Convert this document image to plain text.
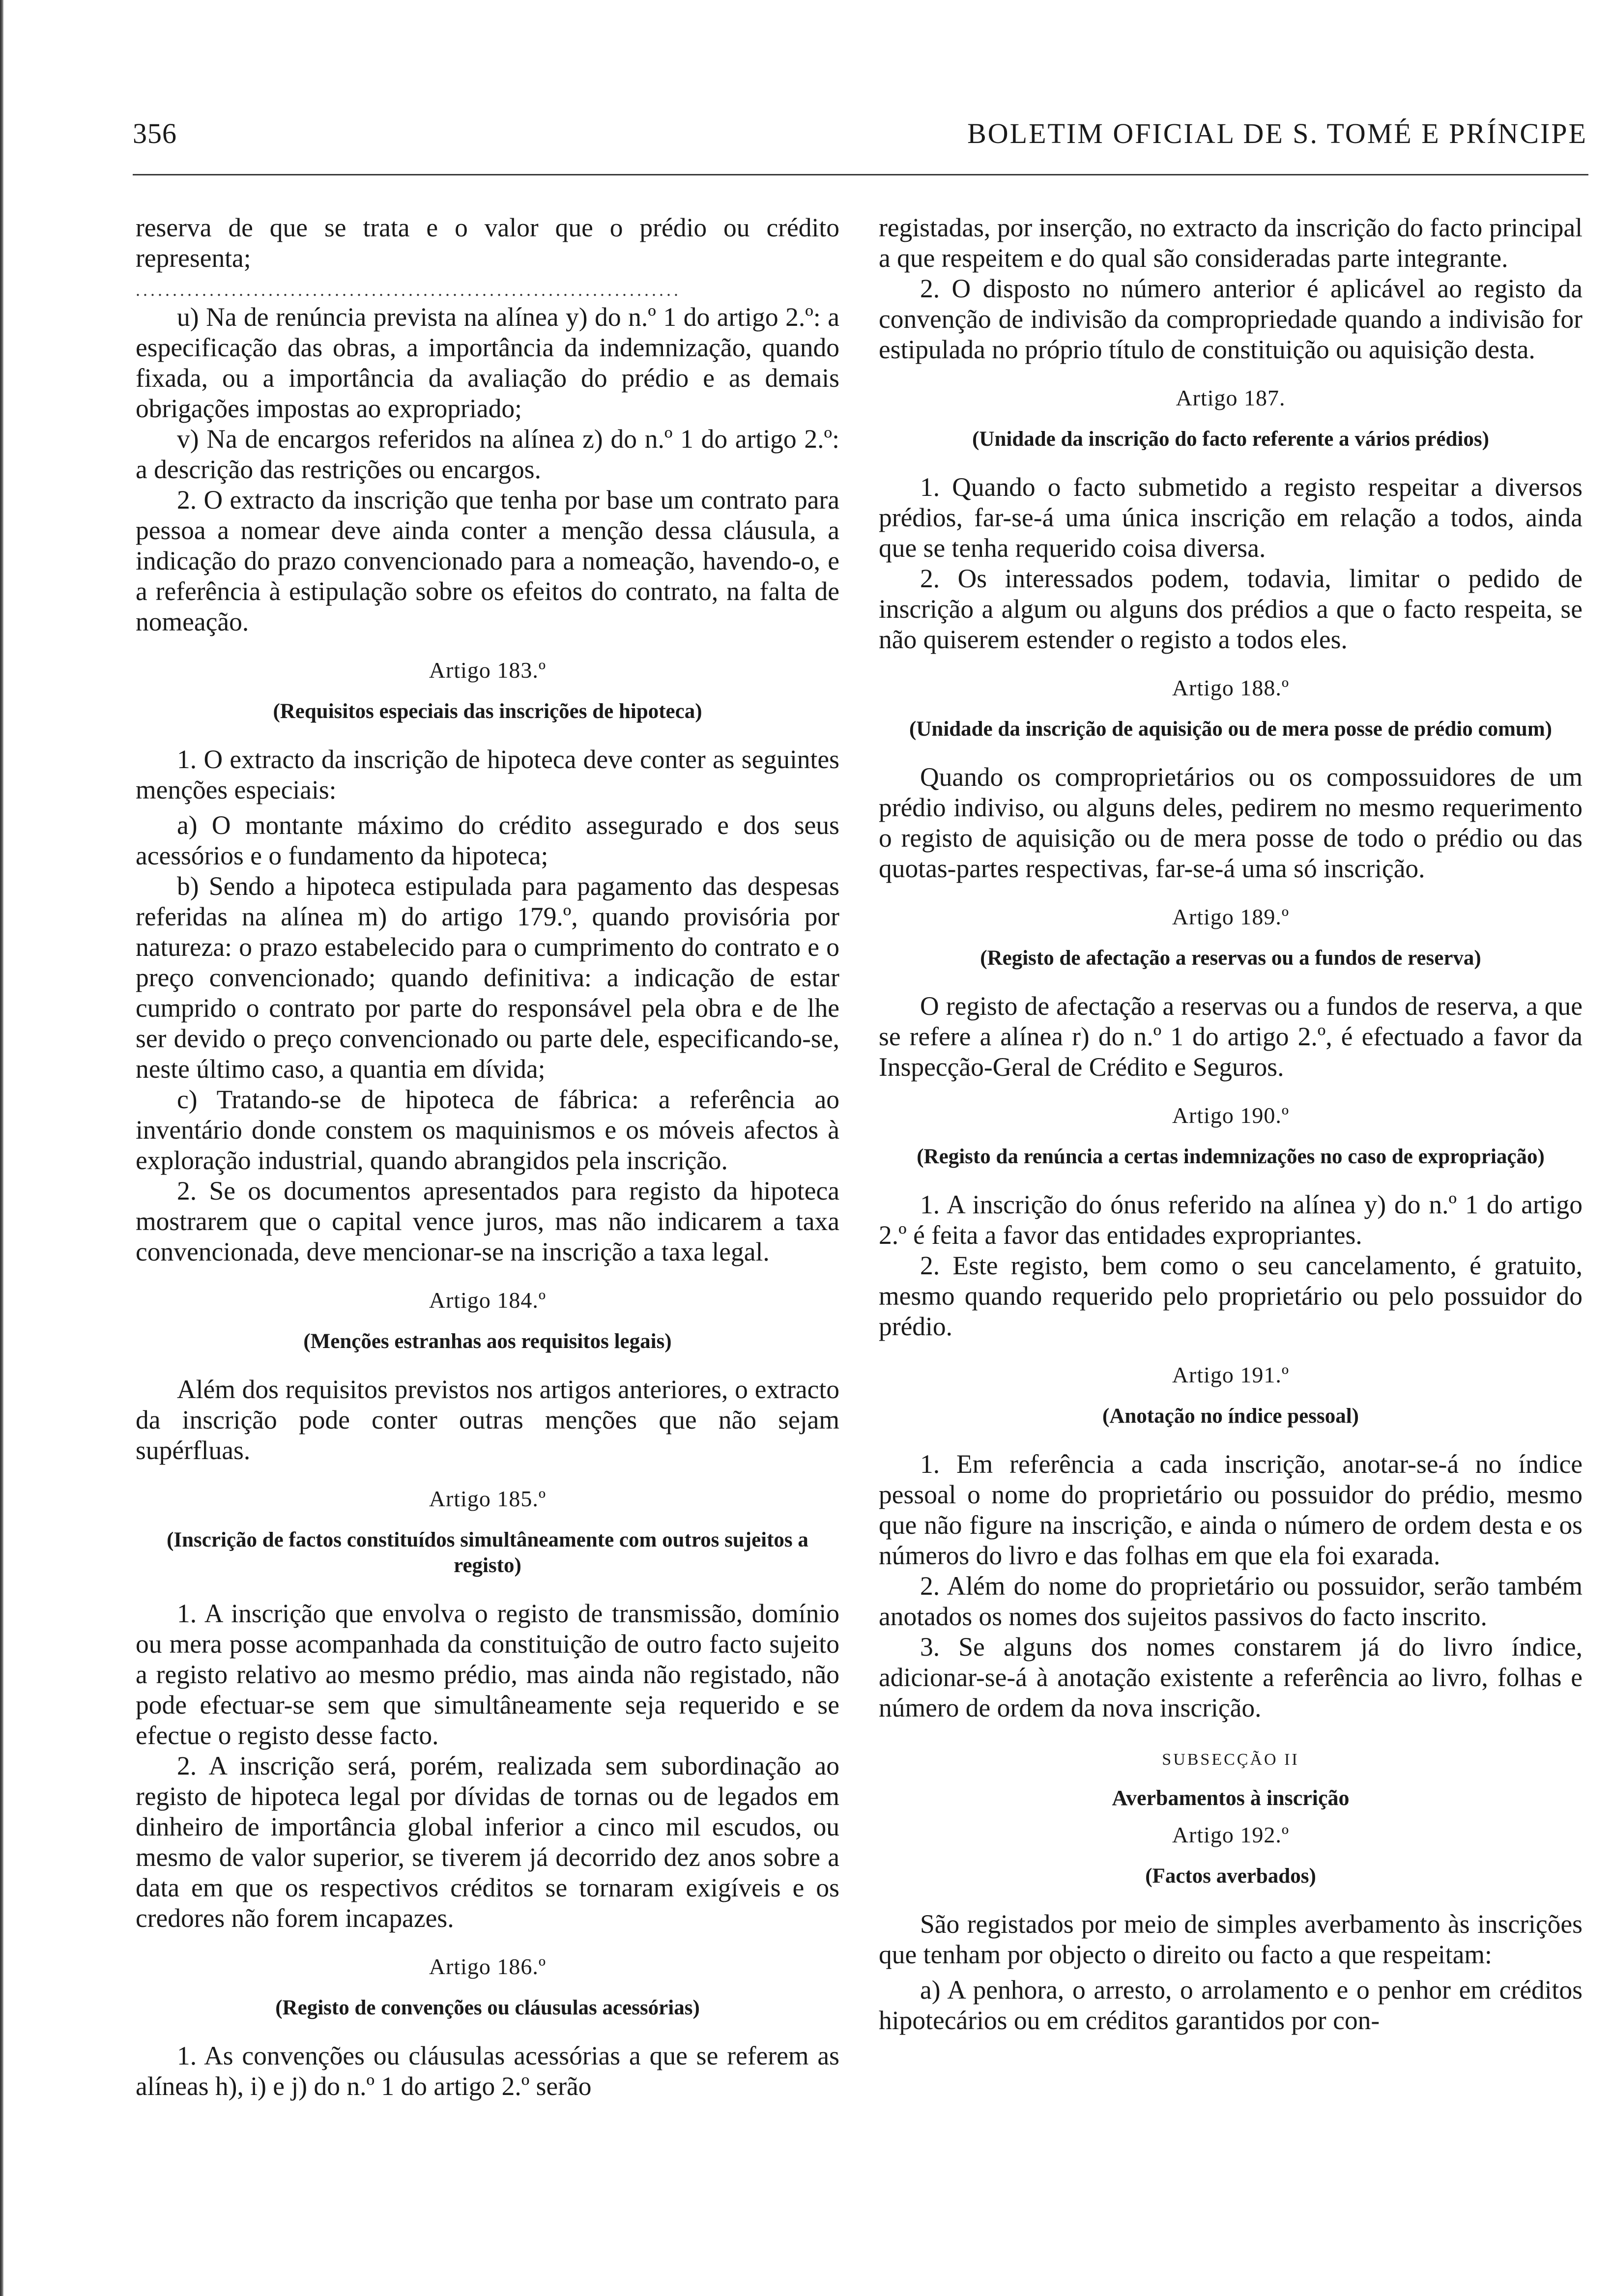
356	BOLETIM OFICIAL DE S. TOMÉ E PRÍNCIPE

reserva de que se trata e o valor que o prédio ou crédito representa;

..........................................................................

u) Na de renúncia prevista na alínea y) do n.º 1 do artigo 2.º: a especificação das obras, a importância da indemnização, quando fixada, ou a importância da avaliação do prédio e as demais obrigações impostas ao expropriado;

v) Na de encargos referidos na alínea z) do n.º 1 do artigo 2.º: a descrição das restrições ou encargos.

2. O extracto da inscrição que tenha por base um contrato para pessoa a nomear deve ainda conter a menção dessa cláusula, a indicação do prazo convencionado para a nomeação, havendo-o, e a referência à estipulação sobre os efeitos do contrato, na falta de nomeação.

Artigo 183.º
(Requisitos especiais das inscrições de hipoteca)

1. O extracto da inscrição de hipoteca deve conter as seguintes menções especiais:

a) O montante máximo do crédito assegurado e dos seus acessórios e o fundamento da hipoteca;

b) Sendo a hipoteca estipulada para pagamento das despesas referidas na alínea m) do artigo 179.º, quando provisória por natureza: o prazo estabelecido para o cumprimento do contrato e o preço convencionado; quando definitiva: a indicação de estar cumprido o contrato por parte do responsável pela obra e de lhe ser devido o preço convencionado ou parte dele, especificando-se, neste último caso, a quantia em dívida;

c) Tratando-se de hipoteca de fábrica: a referência ao inventário donde constem os maquinismos e os móveis afectos à exploração industrial, quando abrangidos pela inscrição.

2. Se os documentos apresentados para registo da hipoteca mostrarem que o capital vence juros, mas não indicarem a taxa convencionada, deve mencionar-se na inscrição a taxa legal.

Artigo 184.º
(Menções estranhas aos requisitos legais)

Além dos requisitos previstos nos artigos anteriores, o extracto da inscrição pode conter outras menções que não sejam supérfluas.

Artigo 185.º
(Inscrição de factos constituídos simultâneamente com outros sujeitos a registo)

1. A inscrição que envolva o registo de transmissão, domínio ou mera posse acompanhada da constituição de outro facto sujeito a registo relativo ao mesmo prédio, mas ainda não registado, não pode efectuar-se sem que simultâneamente seja requerido e se efectue o registo desse facto.

2. A inscrição será, porém, realizada sem subordinação ao registo de hipoteca legal por dívidas de tornas ou de legados em dinheiro de importância global inferior a cinco mil escudos, ou mesmo de valor superior, se tiverem já decorrido dez anos sobre a data em que os respectivos créditos se tornaram exigíveis e os credores não forem incapazes.

Artigo 186.º
(Registo de convenções ou cláusulas acessórias)

1. As convenções ou cláusulas acessórias a que se referem as alíneas h), i) e j) do n.º 1 do artigo 2.º serão

registadas, por inserção, no extracto da inscrição do facto principal a que respeitem e do qual são consideradas parte integrante.

2. O disposto no número anterior é aplicável ao registo da convenção de indivisão da compropriedade quando a indivisão for estipulada no próprio título de constituição ou aquisição desta.

Artigo 187.
(Unidade da inscrição do facto referente a vários prédios)

1. Quando o facto submetido a registo respeitar a diversos prédios, far-se-á uma única inscrição em relação a todos, ainda que se tenha requerido coisa diversa.

2. Os interessados podem, todavia, limitar o pedido de inscrição a algum ou alguns dos prédios a que o facto respeita, se não quiserem estender o registo a todos eles.

Artigo 188.º
(Unidade da inscrição de aquisição ou de mera posse de prédio comum)

Quando os comproprietários ou os compossuidores de um prédio indiviso, ou alguns deles, pedirem no mesmo requerimento o registo de aquisição ou de mera posse de todo o prédio ou das quotas-partes respectivas, far-se-á uma só inscrição.

Artigo 189.º
(Registo de afectação a reservas ou a fundos de reserva)

O registo de afectação a reservas ou a fundos de reserva, a que se refere a alínea r) do n.º 1 do artigo 2.º, é efectuado a favor da Inspecção-Geral de Crédito e Seguros.

Artigo 190.º
(Registo da renúncia a certas indemnizações no caso de expropriação)

1. A inscrição do ónus referido na alínea y) do n.º 1 do artigo 2.º é feita a favor das entidades expropriantes.

2. Este registo, bem como o seu cancelamento, é gratuito, mesmo quando requerido pelo proprietário ou pelo possuidor do prédio.

Artigo 191.º
(Anotação no índice pessoal)

1. Em referência a cada inscrição, anotar-se-á no índice pessoal o nome do proprietário ou possuidor do prédio, mesmo que não figure na inscrição, e ainda o número de ordem desta e os números do livro e das folhas em que ela foi exarada.

2. Além do nome do proprietário ou possuidor, serão também anotados os nomes dos sujeitos passivos do facto inscrito.

3. Se alguns dos nomes constarem já do livro índice, adicionar-se-á à anotação existente a referência ao livro, folhas e número de ordem da nova inscrição.

SUBSECÇÃO II
Averbamentos à inscrição
Artigo 192.º
(Factos averbados)

São registados por meio de simples averbamento às inscrições que tenham por objecto o direito ou facto a que respeitam:

a) A penhora, o arresto, o arrolamento e o penhor em créditos hipotecários ou em créditos garantidos por con-
